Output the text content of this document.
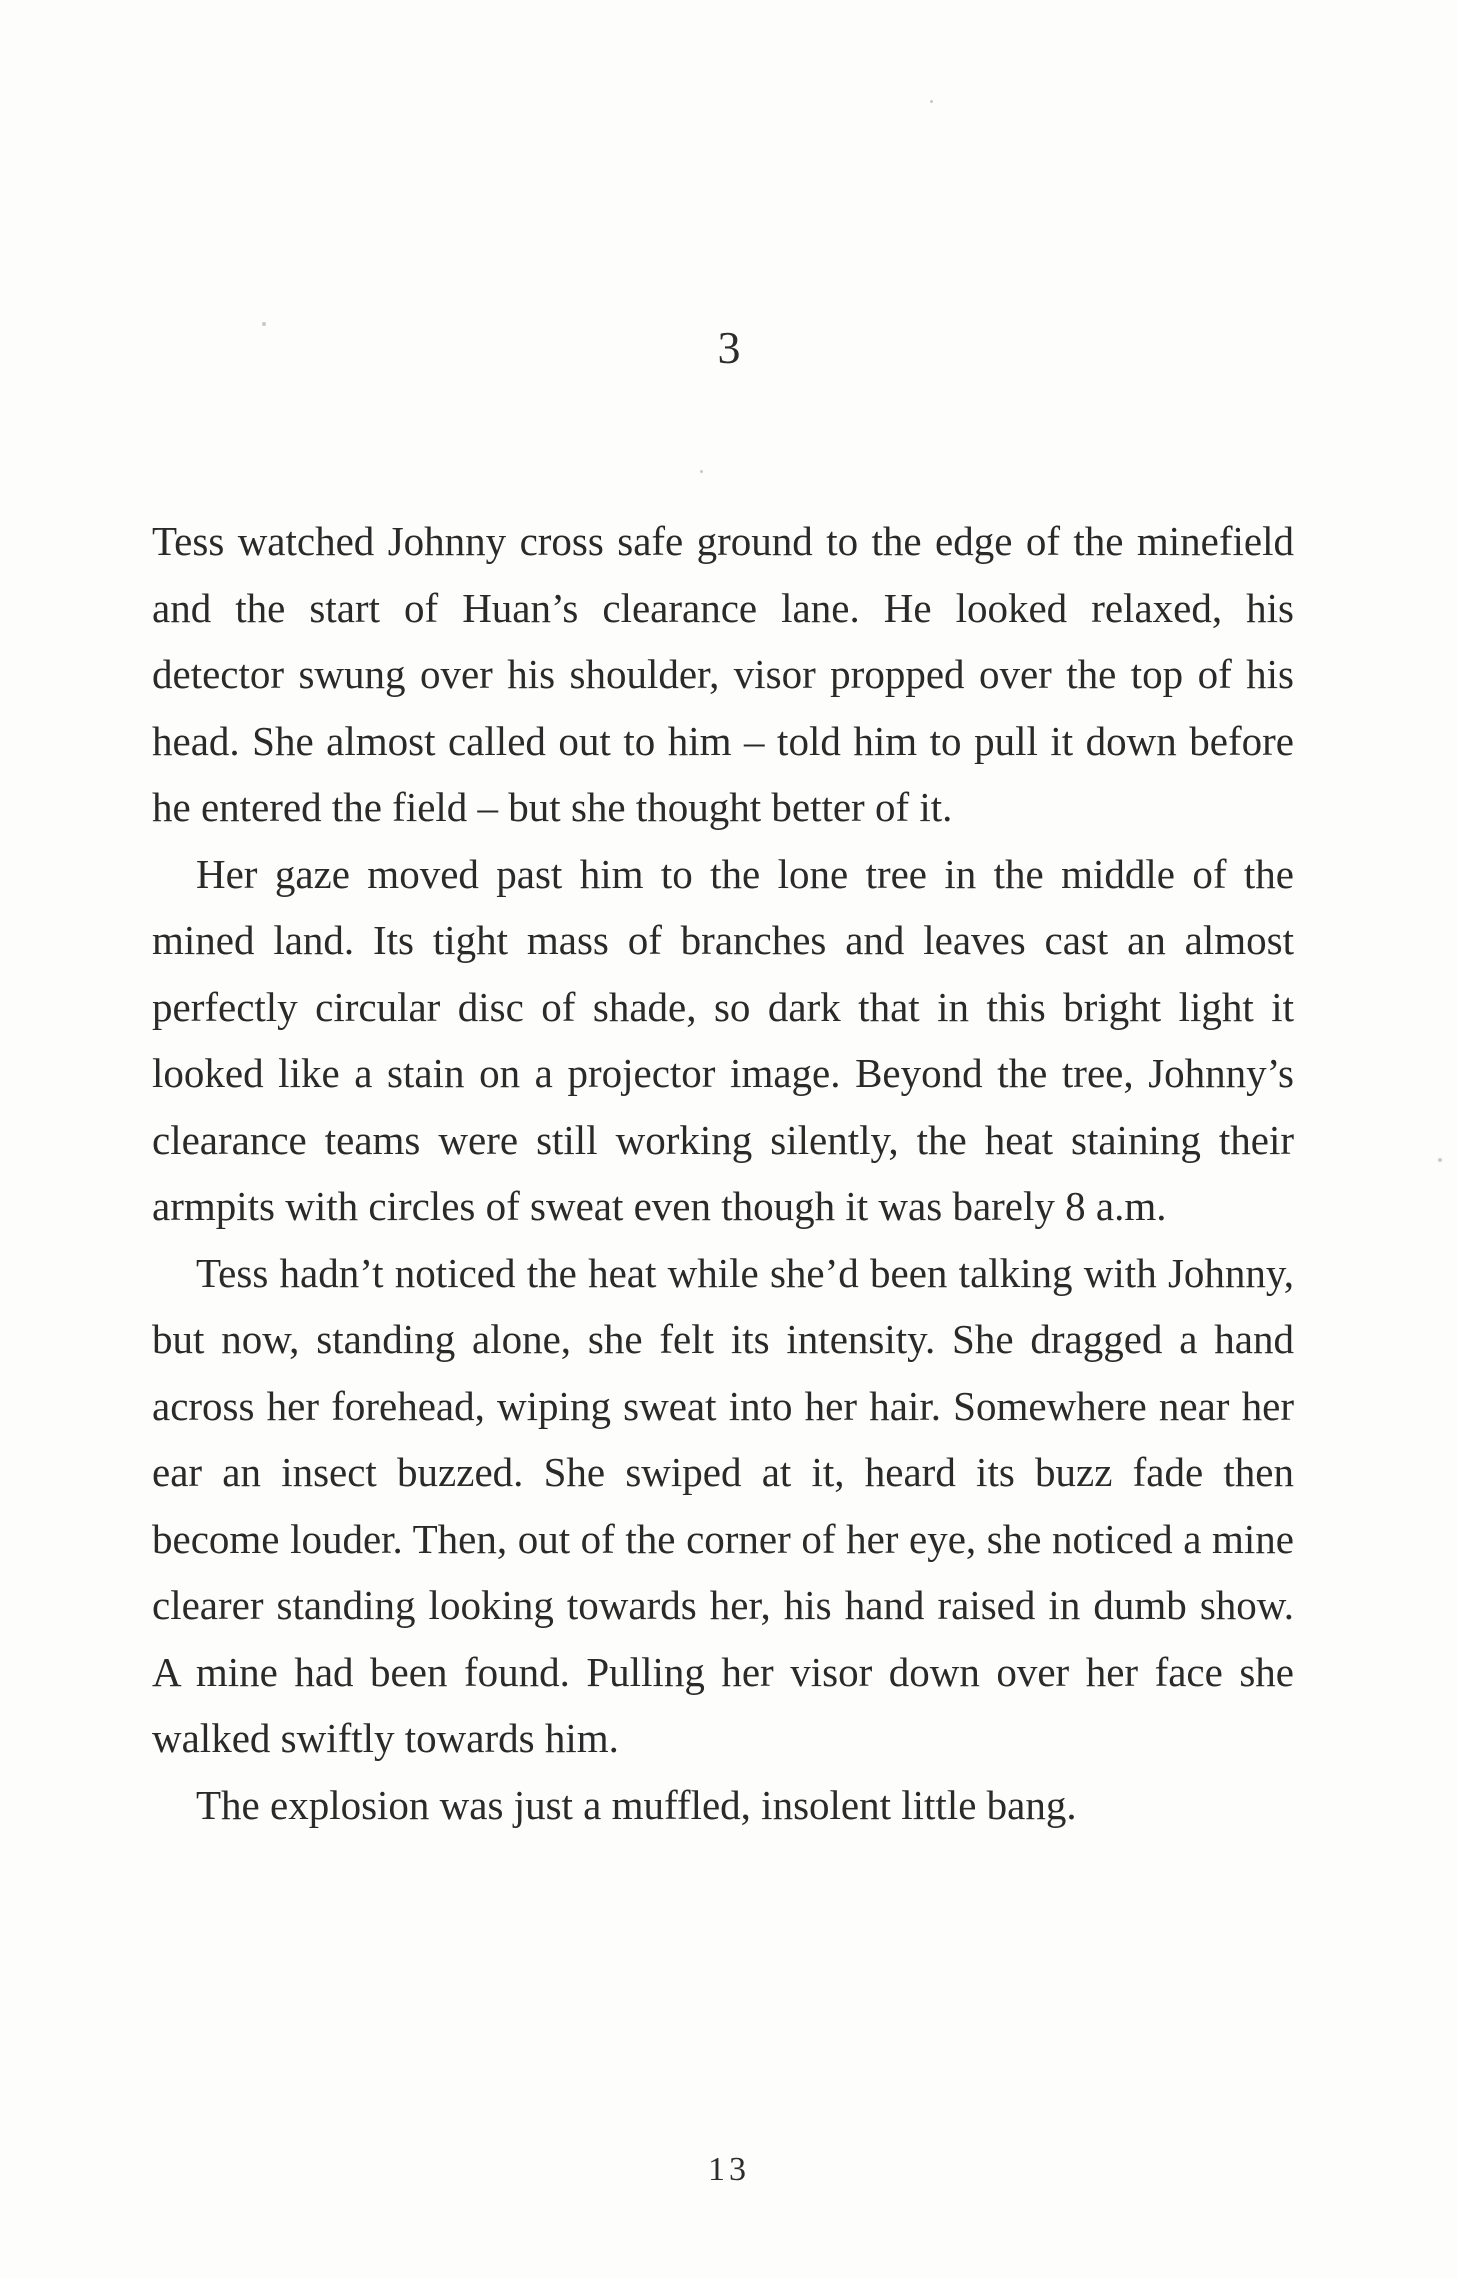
3

Tess watched Johnny cross safe ground to the edge of the minefield and the start of Huan’s clearance lane. He looked relaxed, his detector swung over his shoulder, visor propped over the top of his head. She almost called out to him – told him to pull it down before he entered the field – but she thought better of it.

Her gaze moved past him to the lone tree in the middle of the mined land. Its tight mass of branches and leaves cast an almost perfectly circular disc of shade, so dark that in this bright light it looked like a stain on a projector image. Beyond the tree, Johnny’s clearance teams were still working silently, the heat staining their armpits with circles of sweat even though it was barely 8 a.m.

Tess hadn’t noticed the heat while she’d been talking with Johnny, but now, standing alone, she felt its intensity. She dragged a hand across her forehead, wiping sweat into her hair. Somewhere near her ear an insect buzzed. She swiped at it, heard its buzz fade then become louder. Then, out of the corner of her eye, she noticed a mine clearer standing looking towards her, his hand raised in dumb show. A mine had been found. Pulling her visor down over her face she walked swiftly towards him.

The explosion was just a muffled, insolent little bang.

13
